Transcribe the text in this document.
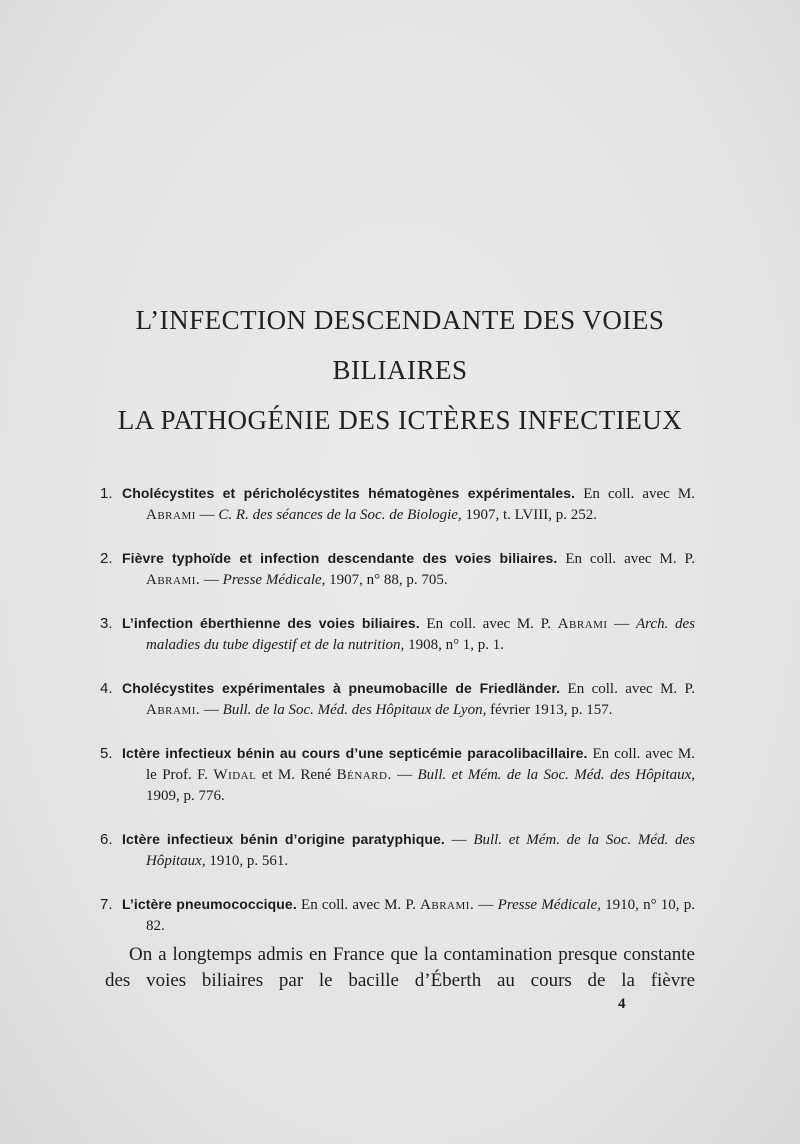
L’INFECTION DESCENDANTE DES VOIES
BILIAIRES
LA PATHOGÉNIE DES ICTÈRES INFECTIEUX
1. Cholécystites et péricholécystites hématogènes expérimentales. En coll. avec M. Abrami — C. R. des séances de la Soc. de Biologie, 1907, t. LVIII, p. 252.
2. Fièvre typhoïde et infection descendante des voies biliaires. En coll. avec M. P. Abrami. — Presse Médicale, 1907, n° 88, p. 705.
3. L’infection éberthienne des voies biliaires. En coll. avec M. P. Abrami — Arch. des maladies du tube digestif et de la nutrition, 1908, n° 1, p. 1.
4. Cholécystites expérimentales à pneumobacille de Friedländer. En coll. avec M. P. Abrami. — Bull. de la Soc. Méd. des Hôpitaux de Lyon, février 1913, p. 157.
5. Ictère infectieux bénin au cours d’une septicémie paracolibacillaire. En coll. avec M. le Prof. F. Widal et M. René Bénard. — Bull. et Mém. de la Soc. Méd. des Hôpitaux, 1909, p. 776.
6. Ictère infectieux bénin d’origine paratyphique. — Bull. et Mém. de la Soc. Méd. des Hôpitaux, 1910, p. 561.
7. L’ictère pneumococcique. En coll. avec M. P. Abrami. — Presse Médicale, 1910, n° 10, p. 82.
On a longtemps admis en France que la contamination presque constante des voies biliaires par le bacille d’Éberth au cours de la fièvre
4
